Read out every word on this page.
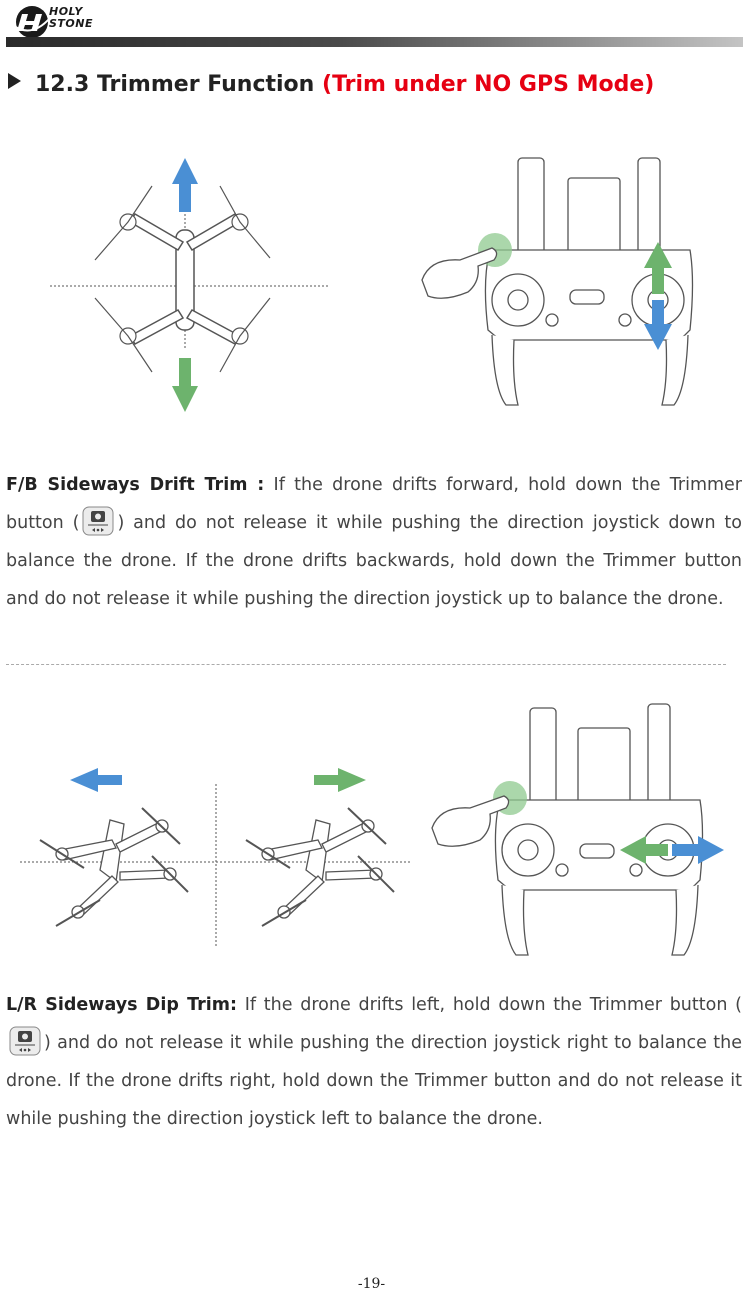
HOLY
STONE
12.3 Trimmer Function (Trim under NO GPS Mode)
F/B Sideways Drift Trim : If the drone drifts forward, hold down the Trimmer button ( ) and do not release it while pushing the direction joystick down to balance the drone. If the drone drifts backwards, hold down the Trimmer button and do not release it while pushing the direction joystick up to balance the drone.
L/R Sideways Dip Trim: If the drone drifts left, hold down the Trimmer button () and do not release it while pushing the direction joystick right to balance the drone. If the drone drifts right, hold down the Trimmer button and do not release it while pushing the direction joystick left to balance the drone.
-19-
